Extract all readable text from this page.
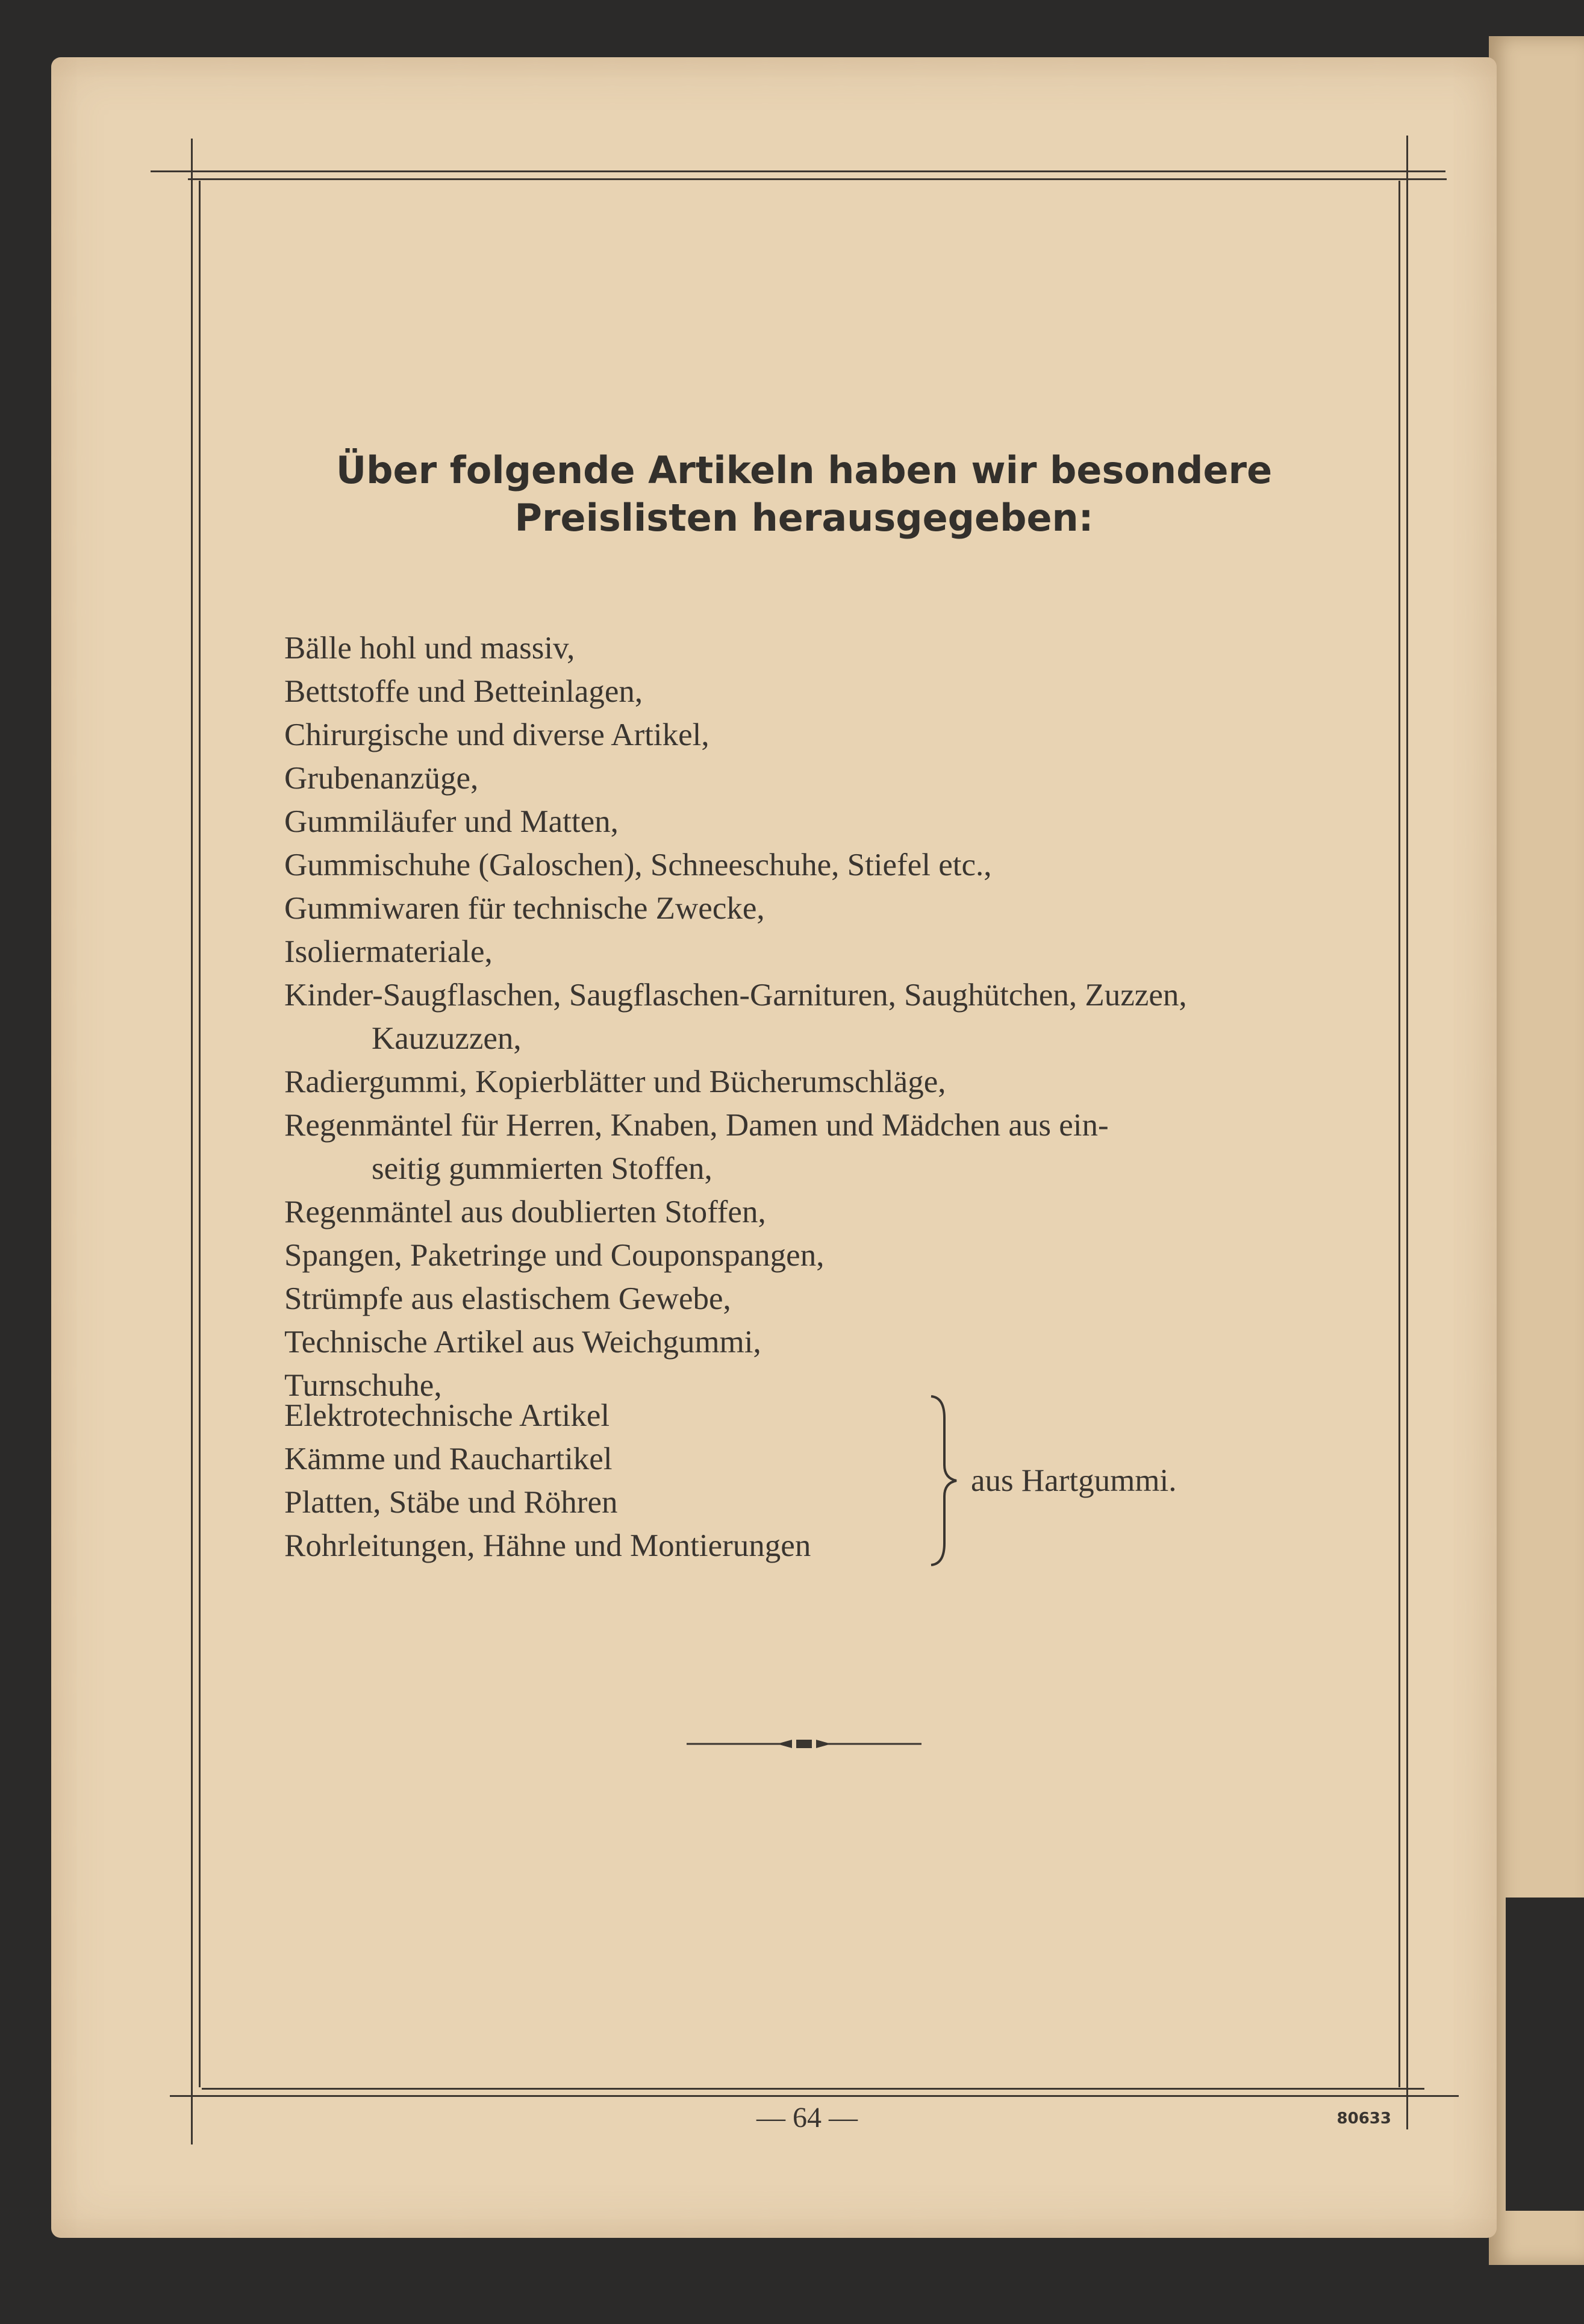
Über folgende Artikeln haben wir besondere
Preislisten herausgegeben:
Bälle hohl und massiv,
Bettstoffe und Betteinlagen,
Chirurgische und diverse Artikel,
Grubenanzüge,
Gummiläufer und Matten,
Gummischuhe (Galoschen), Schneeschuhe, Stiefel etc.,
Gummiwaren für technische Zwecke,
Isoliermateriale,
Kinder-Saugflaschen, Saugflaschen-Garnituren, Saughütchen, Zuzzen,
Kauzuzzen,
Radiergummi, Kopierblätter und Bücherumschläge,
Regenmäntel für Herren, Knaben, Damen und Mädchen aus ein-
seitig gummierten Stoffen,
Regenmäntel aus doublierten Stoffen,
Spangen, Paketringe und Couponspangen,
Strümpfe aus elastischem Gewebe,
Technische Artikel aus Weichgummi,
Turnschuhe,
Elektrotechnische Artikel
Kämme und Rauchartikel
Platten, Stäbe und Röhren
Rohrleitungen, Hähne und Montierungen
aus Hartgummi.
— 64 —	80633
